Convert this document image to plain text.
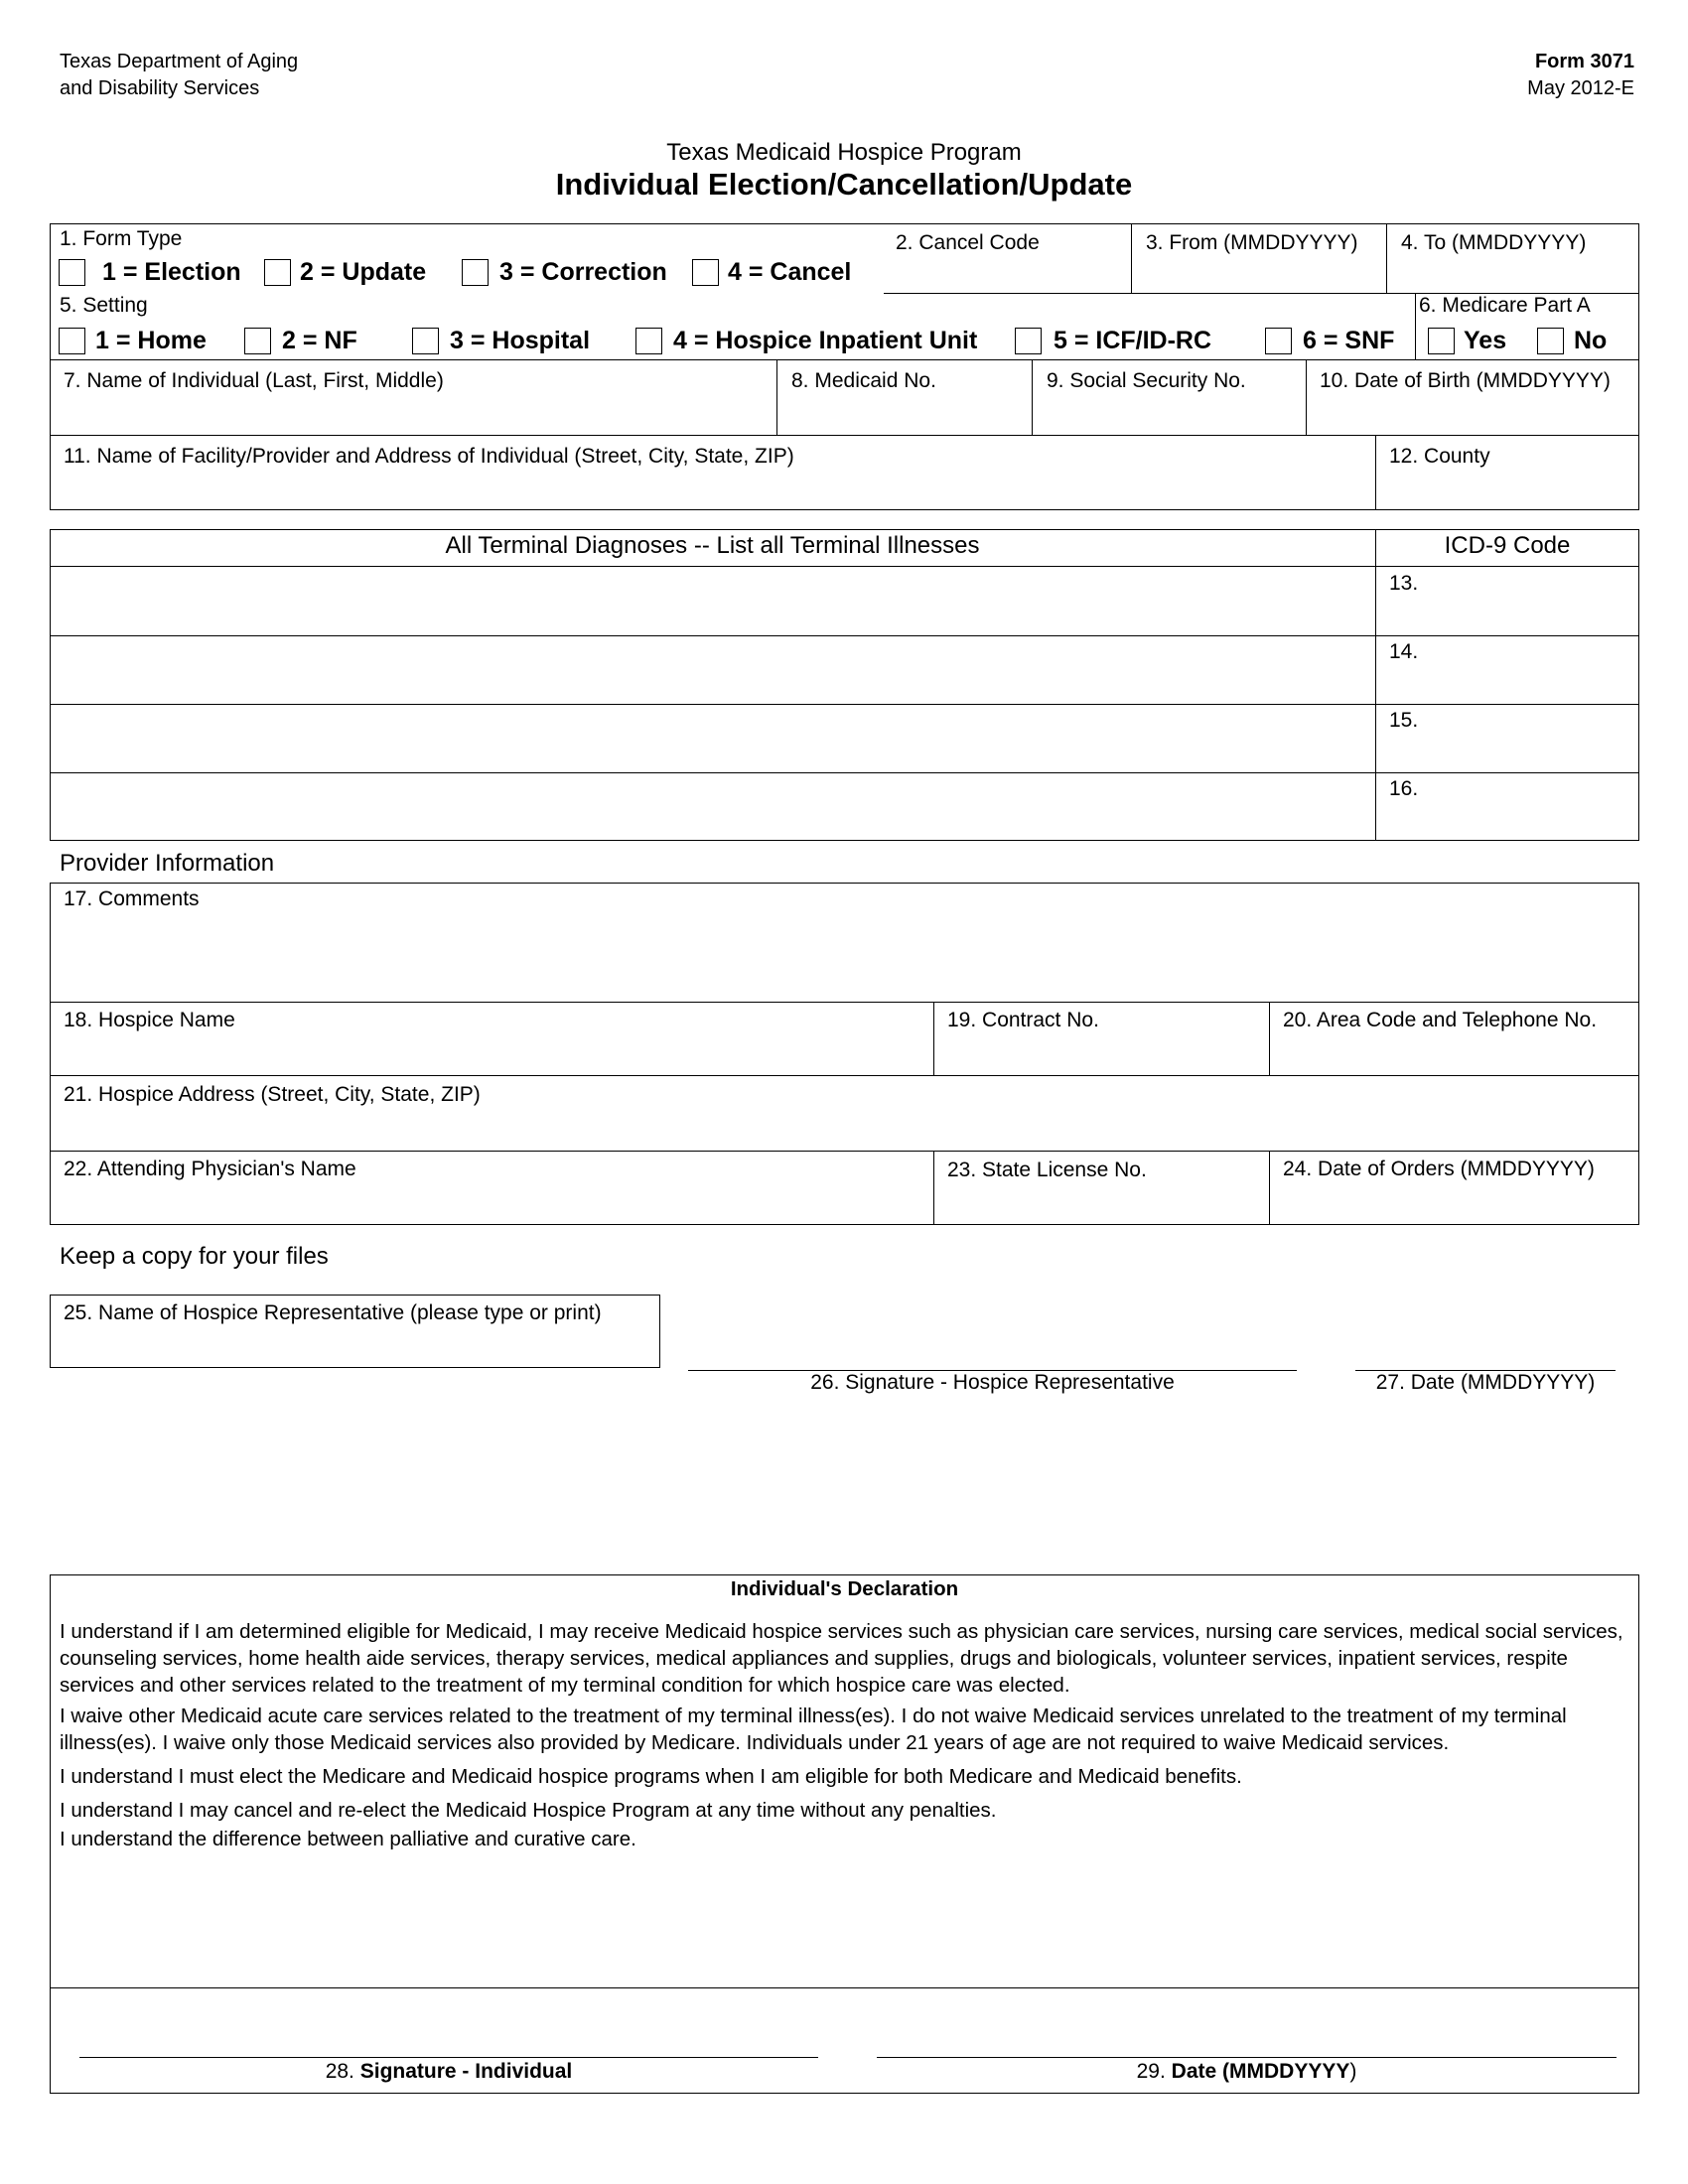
Texas Department of Aging
and Disability Services
Form 3071
May 2012-E
Texas Medicaid Hospice Program
Individual Election/Cancellation/Update
1. Form Type
1 = Election 2 = Update	3 = Correction 4 = Cancel
2. Cancel Code	3. From (MMDDYYYY) 4. To (MMDDYYYY)
5. Setting
1 = Home	2 = NF	3 = Hospital	4 = Hospice Inpatient Unit	5 = ICF/ID-RC	6 = SNF
6. Medicare Part A
Yes	No
7. Name of Individual (Last, First, Middle)	8. Medicaid No.	9. Social Security No.	10. Date of Birth (MMDDYYYY)
11. Name of Facility/Provider and Address of Individual (Street, City, State, ZIP)	12. County
All Terminal Diagnoses -- List all Terminal Illnesses	ICD-9 Code
13.
14.
15.
16.
Provider Information
17. Comments
18. Hospice Name	19. Contract No.	20. Area Code and Telephone No.
21. Hospice Address (Street, City, State, ZIP)
22. Attending Physician's Name	23. State License No.	24. Date of Orders (MMDDYYYY)
Keep a copy for your files
25. Name of Hospice Representative (please type or print)
26. Signature - Hospice Representative	27. Date (MMDDYYYY)
Individual's Declaration

I understand if I am determined eligible for Medicaid, I may receive Medicaid hospice services such as physician care services, nursing care services, medical social services, counseling services, home health aide services, therapy services, medical appliances and supplies, drugs and biologicals, volunteer services, inpatient services, respite services and other services related to the treatment of my terminal condition for which hospice care was elected.

I waive other Medicaid acute care services related to the treatment of my terminal illness(es). I do not waive Medicaid services unrelated to the treatment of my terminal illness(es). I waive only those Medicaid services also provided by Medicare. Individuals under 21 years of age are not required to waive Medicaid services.

I understand I must elect the Medicare and Medicaid hospice programs when I am eligible for both Medicare and Medicaid benefits.

I understand I may cancel and re-elect the Medicaid Hospice Program at any time without any penalties.

I understand the difference between palliative and curative care.

28. Signature - Individual	29. Date (MMDDYYYY)
